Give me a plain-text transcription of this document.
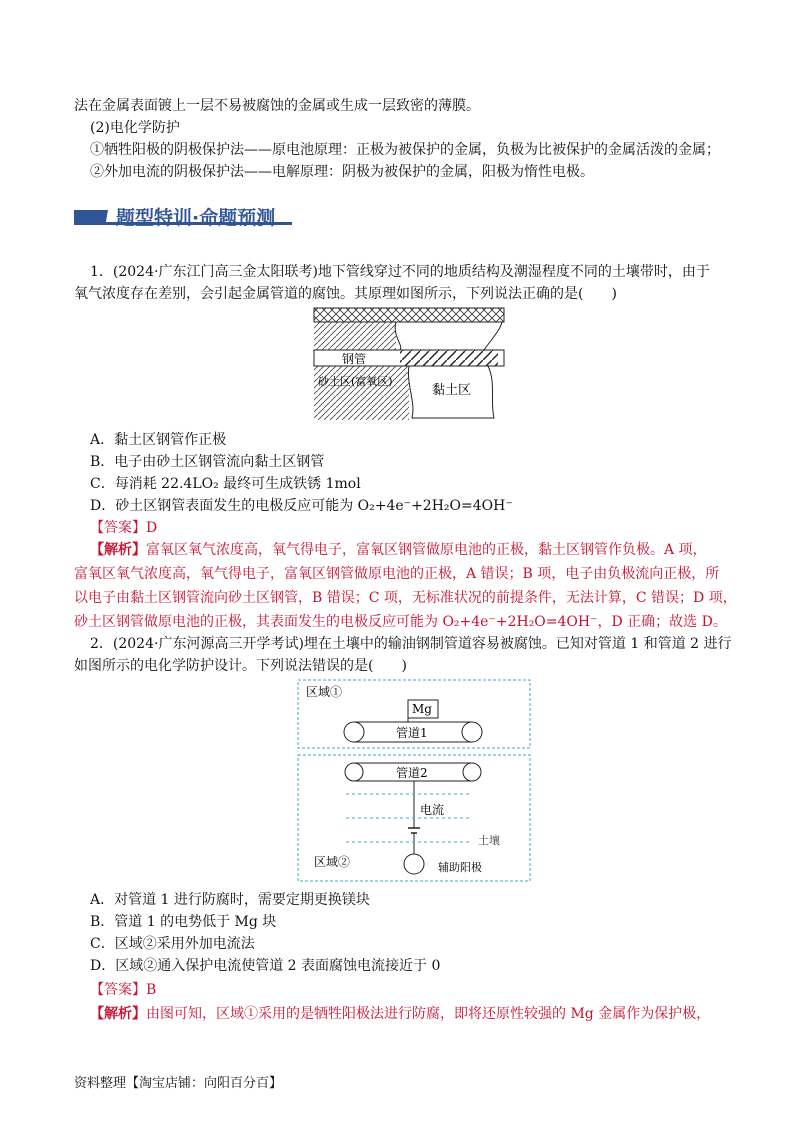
法在金属表面镀上一层不易被腐蚀的金属或生成一层致密的薄膜。
(2)电化学防护
①牺牲阳极的阴极保护法——原电池原理：正极为被保护的金属，负极为比被保护的金属活泼的金属；
②外加电流的阴极保护法——电解原理：阴极为被保护的金属，阳极为惰性电极。
题型特训·命题预测
1．(2024·广东江门高三金太阳联考)地下管线穿过不同的地质结构及潮湿程度不同的土壤带时，由于
氧气浓度存在差别，会引起金属管道的腐蚀。其原理如图所示，下列说法正确的是(　　)
钢管
砂土区(富氧区)
黏土区
A．黏土区钢管作正极
B．电子由砂土区钢管流向黏土区钢管
C．每消耗 22.4LO₂ 最终可生成铁锈 1mol
D．砂土区钢管表面发生的电极反应可能为 O₂+4e⁻+2H₂O=4OH⁻
【答案】D
【解析】富氧区氧气浓度高，氧气得电子，富氧区钢管做原电池的正极，黏土区钢管作负极。A 项，
富氧区氧气浓度高，氧气得电子，富氧区钢管做原电池的正极，A 错误；B 项，电子由负极流向正极，所
以电子由黏土区钢管流向砂土区钢管，B 错误；C 项，无标准状况的前提条件，无法计算，C 错误；D 项，
砂土区钢管做原电池的正极，其表面发生的电极反应可能为 O₂+4e⁻+2H₂O=4OH⁻，D 正确；故选 D。
2．(2024·广东河源高三开学考试)埋在土壤中的输油钢制管道容易被腐蚀。已知对管道 1 和管道 2 进行
如图所示的电化学防护设计。下列说法错误的是(　　)
区域①
Mg
管道1
管道2
电流
土壤
区域②	辅助阳极
A．对管道 1 进行防腐时，需要定期更换镁块
B．管道 1 的电势低于 Mg 块
C．区域②采用外加电流法
D．区域②通入保护电流使管道 2 表面腐蚀电流接近于 0
【答案】B
【解析】由图可知，区域①采用的是牺牲阳极法进行防腐，即将还原性较强的 Mg 金属作为保护极，
资料整理【淘宝店铺：向阳百分百】
